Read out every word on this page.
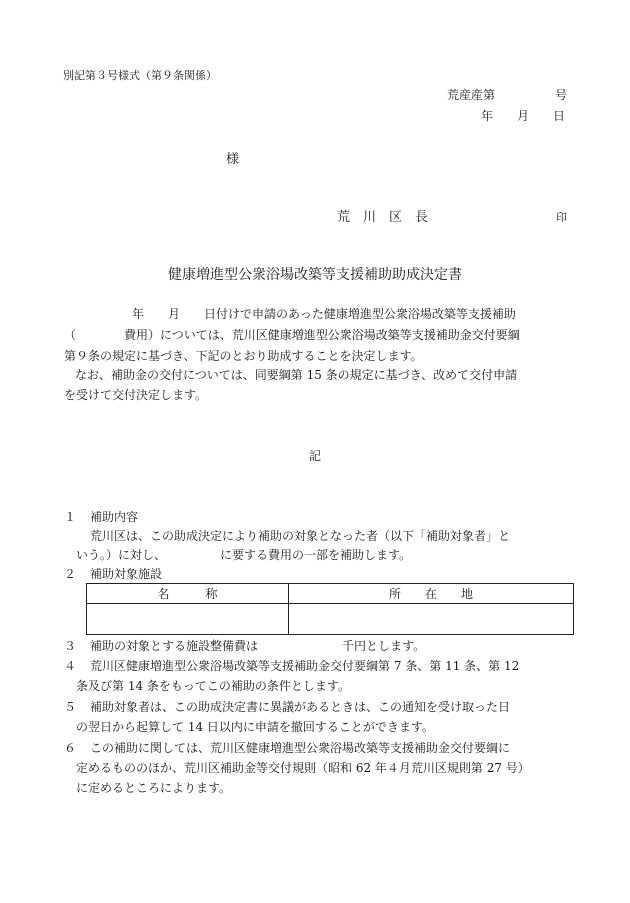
別記第３号様式（第９条関係）
荒産産第　　　　　号
年　　月　　日
様
荒　川　区　長	印
健康増進型公衆浴場改築等支援補助助成決定書
年　　月　　日付けで申請のあった健康増進型公衆浴場改築等支援補助
（　　　　費用）については、荒川区健康増進型公衆浴場改築等支援補助金交付要綱
第９条の規定に基づき、下記のとおり助成することを決定します。
なお、補助金の交付については、同要綱第 15 条の規定に基づき、改めて交付申請
を受けて交付決定します。
記
１ 補助内容
荒川区は、この助成決定により補助の対象となった者（以下「補助対象者」と
いう。）に対し、　　　　　に要する費用の一部を補助します。
２ 補助対象施設
名　　　称	所　　在　　地

３ 補助の対象とする施設整備費は　　　　　　　千円とします。
４ 荒川区健康増進型公衆浴場改築等支援補助金交付要綱第 7 条、第 11 条、第 12
条及び第 14 条をもってこの補助の条件とします。
５ 補助対象者は、この助成決定書に異議があるときは、この通知を受け取った日
の翌日から起算して 14 日以内に申請を撤回することができます。
６ この補助に関しては、荒川区健康増進型公衆浴場改築等支援補助金交付要綱に
定めるもののほか、荒川区補助金等交付規則（昭和 62 年４月荒川区規則第 27 号）
に定めるところによります。
